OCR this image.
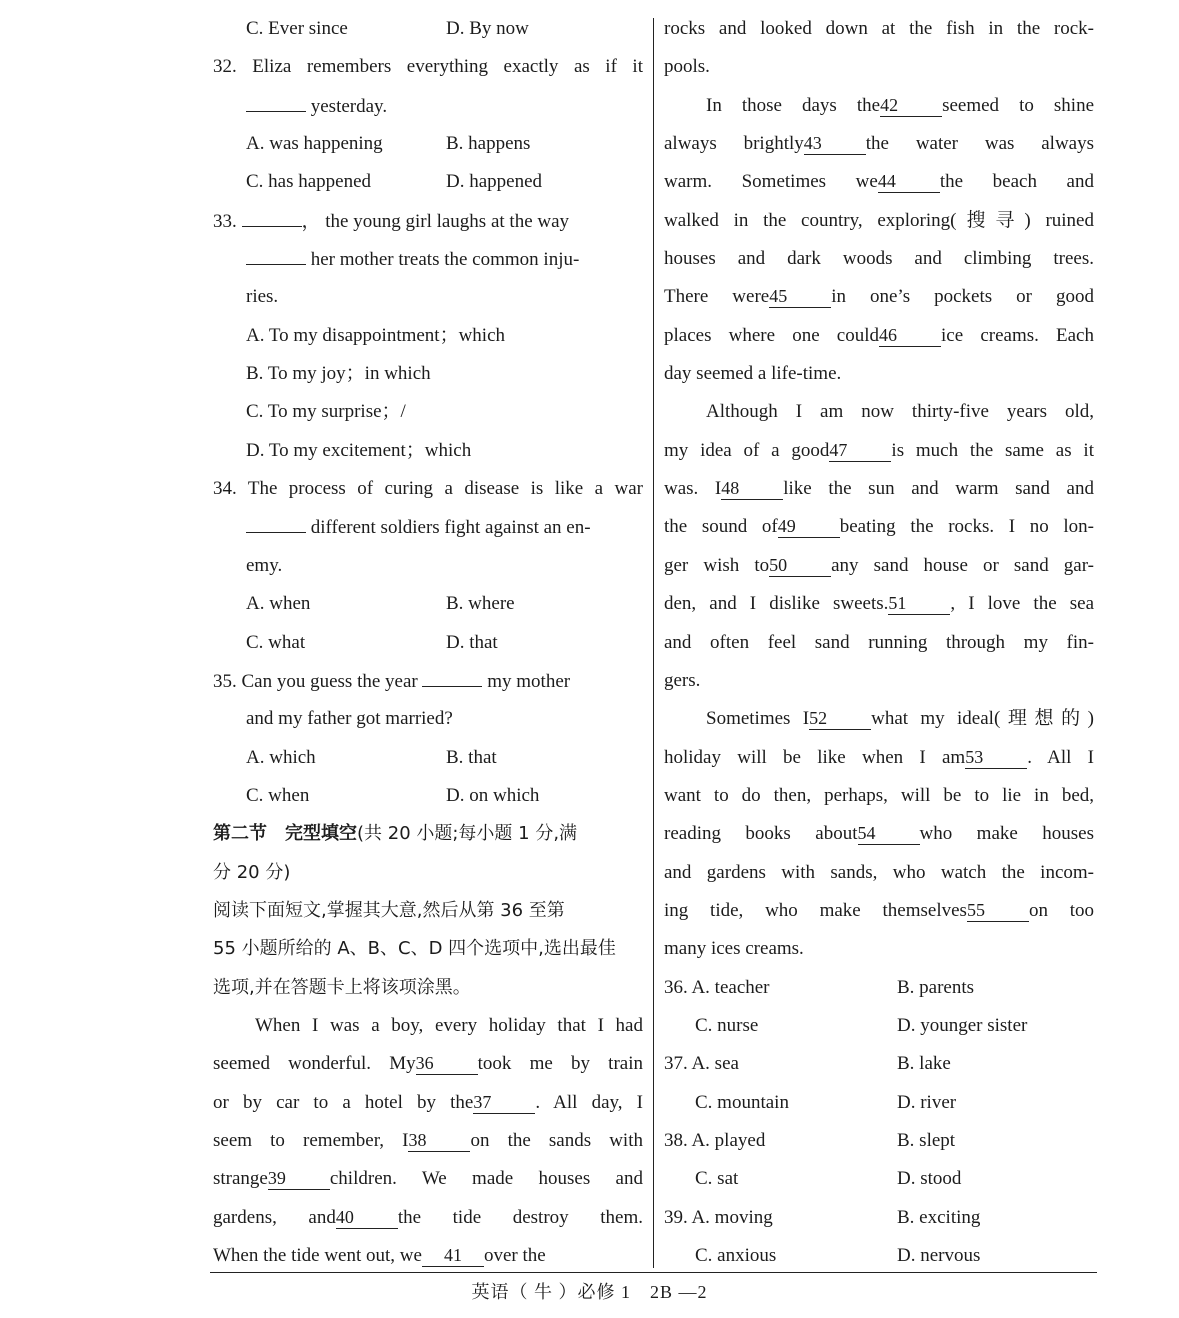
C. Ever since	D. By now
32. Eliza remembers everything exactly as if it
yesterday.
A. was happening	B. happens
C. has happened	D. happened
33.	， the young girl laughs at the way
her mother treats the common inju-
ries.
A. To my disappointment；which
B. To my joy；in which
C. To my surprise；/
D. To my excitement；which
34. The process of curing a disease is like a war
different soldiers fight against an en-
emy.
A. when	B. where
C. what	D. that
35. Can you guess the year	my mother
and my father got married?
A. which	B. that
C. when	D. on which
第二节　完型填空(共 20 小题;每小题 1 分,满
分 20 分)
阅读下面短文,掌握其大意,然后从第 36 至第
55 小题所给的 A、B、C、D 四个选项中,选出最佳
选项,并在答题卡上将该项涂黑。
When I was a boy, every holiday that I had
seemed wonderful. My36 took me by train
or by car to a hotel by the37 . All day, I
seem to remember, I38 on the sands with
strange39 children. We made houses and
gardens, and40 the tide destroy them.
When the tide went out, we 41 over the
rocks and looked down at the fish in the rock-
pools.
In those days the42 seemed to shine
always brightly43 the water was always
warm. Sometimes we44 the beach and
walked in the country, exploring(搜寻) ruined
houses and dark woods and climbing trees.
There were45 in one’s pockets or good
places where one could46 ice creams. Each
day seemed a life-time.
Although I am now thirty-five years old,
my idea of a good47 is much the same as it
was. I48 like the sun and warm sand and
the sound of49 beating the rocks. I no lon-
ger wish to50 any sand house or sand gar-
den, and I dislike sweets.51 , I love the sea
and often feel sand running through my fin-
gers.
Sometimes I52 what my ideal(理想的)
holiday will be like when I am53 . All I
want to do then, perhaps, will be to lie in bed,
reading books about54 who make houses
and gardens with sands, who watch the incom-
ing tide, who make themselves55 on too
many ices creams.
36. A. teacher	B. parents
C. nurse	D. younger sister
37. A. sea	B. lake
C. mountain	D. river
38. A. played	B. slept
C. sat	D. stood
39. A. moving	B. exciting
C. anxious	D. nervous
英语（ 牛 ）必修 1　2B —2
